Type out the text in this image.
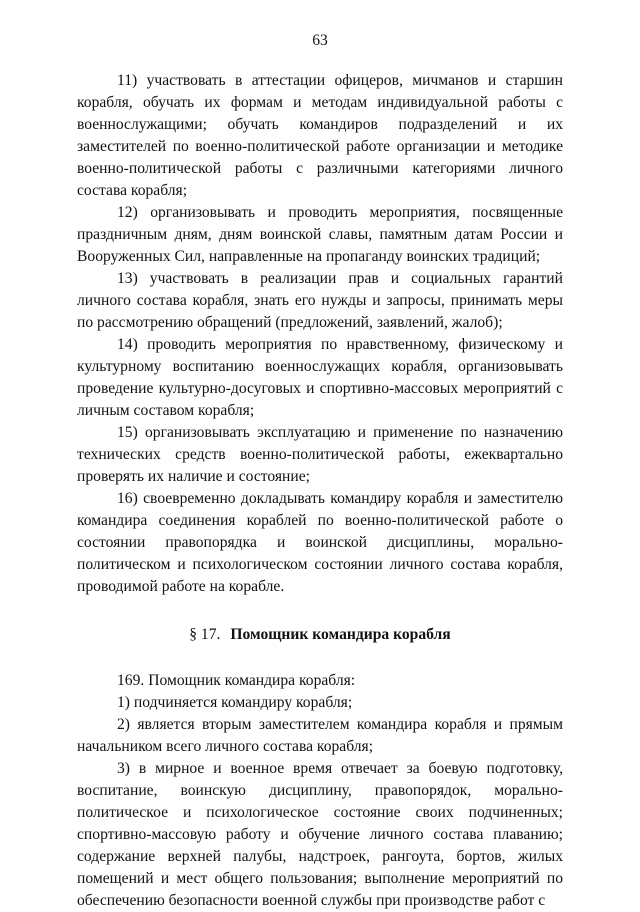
63

11) участвовать в аттестации офицеров, мичманов и старшин корабля, обучать их формам и методам индивидуальной работы с военнослужащими; обучать командиров подразделений и их заместителей по военно-политической работе организации и методике военно-политической работы с различными категориями личного состава корабля;

12) организовывать и проводить мероприятия, посвященные праздничным дням, дням воинской славы, памятным датам России и Вооруженных Сил, направленные на пропаганду воинских традиций;

13) участвовать в реализации прав и социальных гарантий личного состава корабля, знать его нужды и запросы, принимать меры по рассмотрению обращений (предложений, заявлений, жалоб);

14) проводить мероприятия по нравственному, физическому и культурному воспитанию военнослужащих корабля, организовывать проведение культурно-досуговых и спортивно-массовых мероприятий с личным составом корабля;

15) организовывать эксплуатацию и применение по назначению технических средств военно-политической работы, ежеквартально проверять их наличие и состояние;

16) своевременно докладывать командиру корабля и заместителю командира соединения кораблей по военно-политической работе о состоянии правопорядка и воинской дисциплины, морально-политическом и психологическом состоянии личного состава корабля, проводимой работе на корабле.

§ 17. Помощник командира корабля

169. Помощник командира корабля:

1) подчиняется командиру корабля;

2) является вторым заместителем командира корабля и прямым начальником всего личного состава корабля;

3) в мирное и военное время отвечает за боевую подготовку, воспитание, воинскую дисциплину, правопорядок, морально-политическое и психологическое состояние своих подчиненных; спортивно-массовую работу и обучение личного состава плаванию; содержание верхней палубы, надстроек, рангоута, бортов, жилых помещений и мест общего пользования; выполнение мероприятий по обеспечению безопасности военной службы при производстве работ с
